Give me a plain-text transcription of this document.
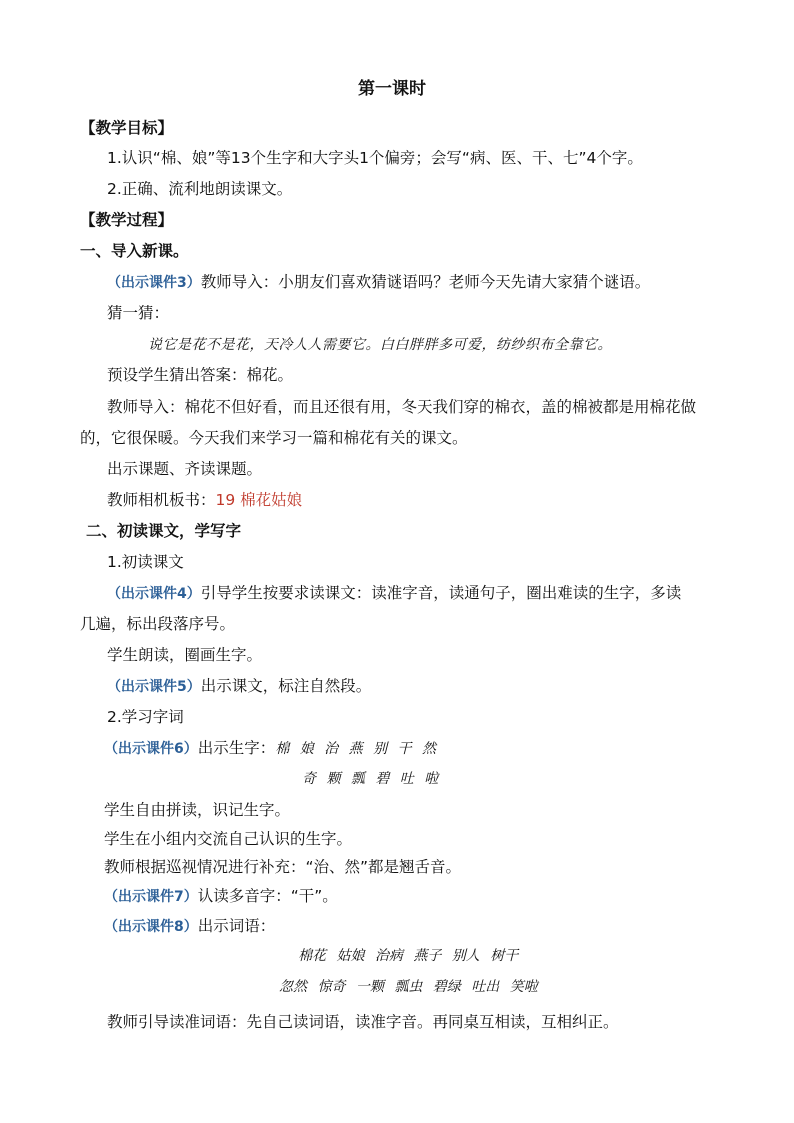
第一课时
【教学目标】
1.认识“棉、娘”等13个生字和大字头1个偏旁；会写“病、医、干、七”4个字。
2.正确、流利地朗读课文。
【教学过程】
一、导入新课。
（出示课件3）教师导入：小朋友们喜欢猜谜语吗？老师今天先请大家猜个谜语。
猜一猜：
说它是花不是花，天冷人人需要它。白白胖胖多可爱，纺纱织布全靠它。
预设学生猜出答案：棉花。
教师导入：棉花不但好看，而且还很有用，冬天我们穿的棉衣，盖的棉被都是用棉花做
的，它很保暖。今天我们来学习一篇和棉花有关的课文。
出示课题、齐读课题。
教师相机板书：19 棉花姑娘
二、初读课文，学写字
1.初读课文
（出示课件4）引导学生按要求读课文：读准字音，读通句子，圈出难读的生字，多读
几遍，标出段落序号。
学生朗读，圈画生字。
（出示课件5）出示课文，标注自然段。
2.学习字词
（出示课件6）出示生字：棉 娘 治 燕 别 干 然
奇 颗 瓢 碧 吐 啦
学生自由拼读，识记生字。
学生在小组内交流自己认识的生字。
教师根据巡视情况进行补充：“治、然”都是翘舌音。
（出示课件7）认读多音字：“干”。
（出示课件8）出示词语：
棉花 姑娘 治病 燕子 别人 树干
忽然 惊奇 一颗 瓢虫 碧绿 吐出 笑啦
教师引导读准词语：先自己读词语，读准字音。再同桌互相读，互相纠正。
